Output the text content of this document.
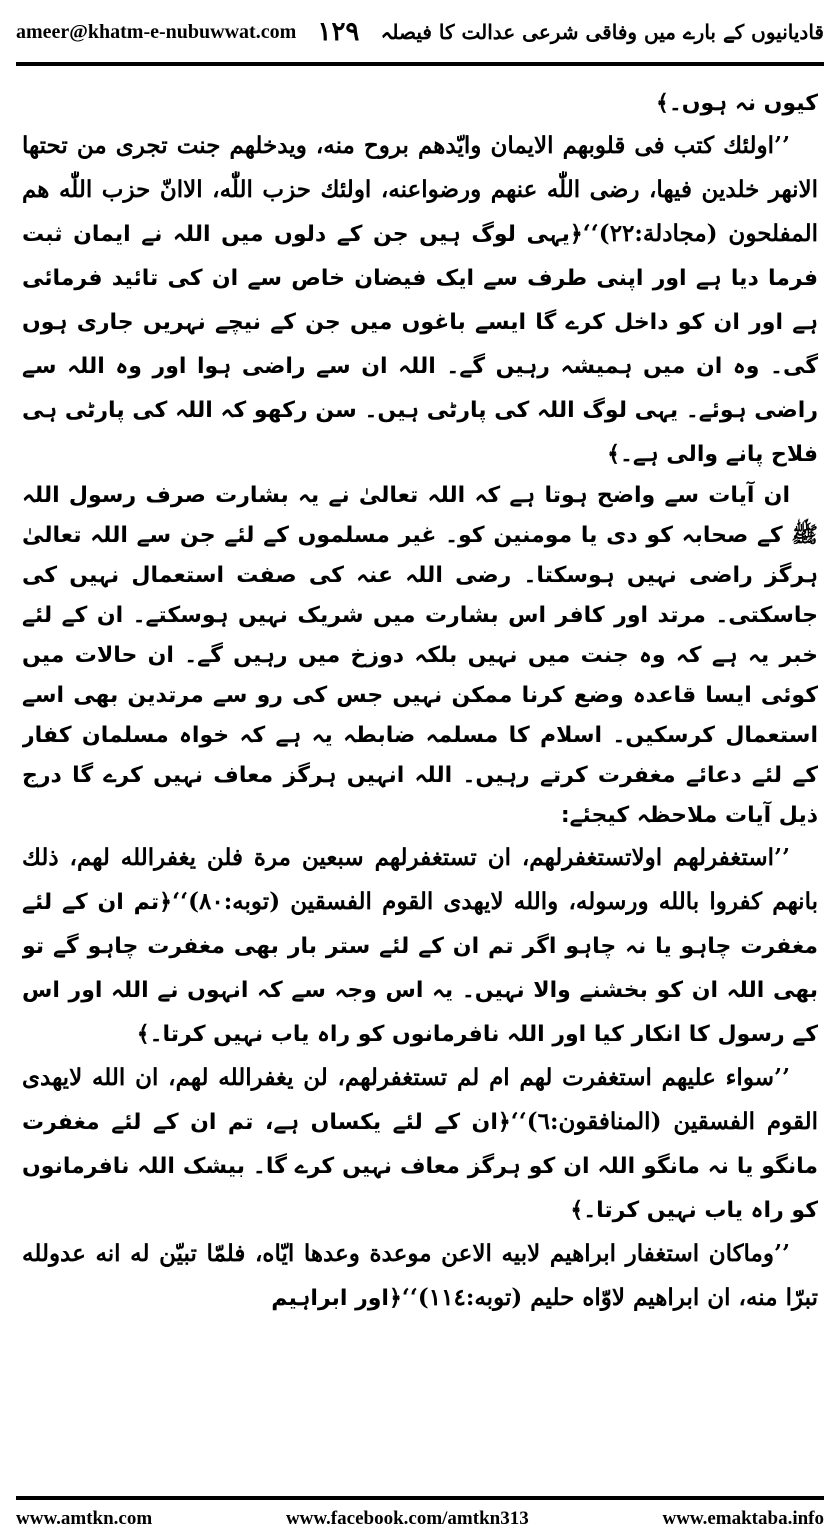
ameer@khatm-e-nubuwwat.com ١٢٩ قادیانیوں کے بارے میں وفاقی شرعی عدالت کا فیصلہ

کیوں نہ ہوں۔﴾

’’اولئك كتب فى قلوبهم الايمان وايّدهم بروح منه، ويدخلهم جنت تجرى من تحتها الانهر خلدين فيها، رضى اللّٰه عنهم ورضواعنه، اولئك حزب اللّٰه، الاانّ حزب اللّٰه هم المفلحون (مجادلة:٢٢)‘‘﴿یہی لوگ ہیں جن کے دلوں میں اللہ نے ایمان ثبت فرما دیا ہے اور اپنی طرف سے ایک فیضان خاص سے ان کی تائید فرمائی ہے اور ان کو داخل کرے گا ایسے باغوں میں جن کے نیچے نہریں جاری ہوں گی۔ وہ ان میں ہمیشہ رہیں گے۔ اللہ ان سے راضی ہوا اور وہ اللہ سے راضی ہوئے۔ یہی لوگ اللہ کی پارٹی ہیں۔ سن رکھو کہ اللہ کی پارٹی ہی فلاح پانے والی ہے۔﴾

ان آیات سے واضح ہوتا ہے کہ اللہ تعالیٰ نے یہ بشارت صرف رسول اللہ ﷺ کے صحابہ کو دی یا مومنین کو۔ غیر مسلموں کے لئے جن سے اللہ تعالیٰ ہرگز راضی نہیں ہوسکتا۔ رضی اللہ عنہ کی صفت استعمال نہیں کی جاسکتی۔ مرتد اور کافر اس بشارت میں شریک نہیں ہوسکتے۔ ان کے لئے خبر یہ ہے کہ وہ جنت میں نہیں بلکہ دوزخ میں رہیں گے۔ ان حالات میں کوئی ایسا قاعدہ وضع کرنا ممکن نہیں جس کی رو سے مرتدین بھی اسے استعمال کرسکیں۔ اسلام کا مسلمہ ضابطہ یہ ہے کہ خواہ مسلمان کفار کے لئے دعائے مغفرت کرتے رہیں۔ اللہ انہیں ہرگز معاف نہیں کرے گا درج ذیل آیات ملاحظہ کیجئے:

’’استغفرلهم اولاتستغفرلهم، ان تستغفرلهم سبعين مرة فلن يغفرالله لهم، ذلك بانهم كفروا بالله ورسوله، والله لايهدى القوم الفسقين (توبه:٨٠)‘‘﴿تم ان کے لئے مغفرت چاہو یا نہ چاہو اگر تم ان کے لئے ستر بار بھی مغفرت چاہو گے تو بھی اللہ ان کو بخشنے والا نہیں۔ یہ اس وجہ سے کہ انہوں نے اللہ اور اس کے رسول کا انکار کیا اور اللہ نافرمانوں کو راہ یاب نہیں کرتا۔﴾

’’سواء عليهم استغفرت لهم ام لم تستغفرلهم، لن يغفرالله لهم، ان الله لايهدى القوم الفسقين (المنافقون:٦)‘‘﴿ان کے لئے یکساں ہے، تم ان کے لئے مغفرت مانگو یا نہ مانگو اللہ ان کو ہرگز معاف نہیں کرے گا۔ بیشک اللہ نافرمانوں کو راہ یاب نہیں کرتا۔﴾

’’وماكان استغفار ابراهيم لابيه الاعن موعدة وعدها ايّاه، فلمّا تبيّن له انه عدولله تبرّا منه، ان ابراهيم لاوّاه حليم (توبه:١١٤)‘‘﴿اور ابراہیم

www.amtkn.com	www.facebook.com/amtkn313	www.emaktaba.info
